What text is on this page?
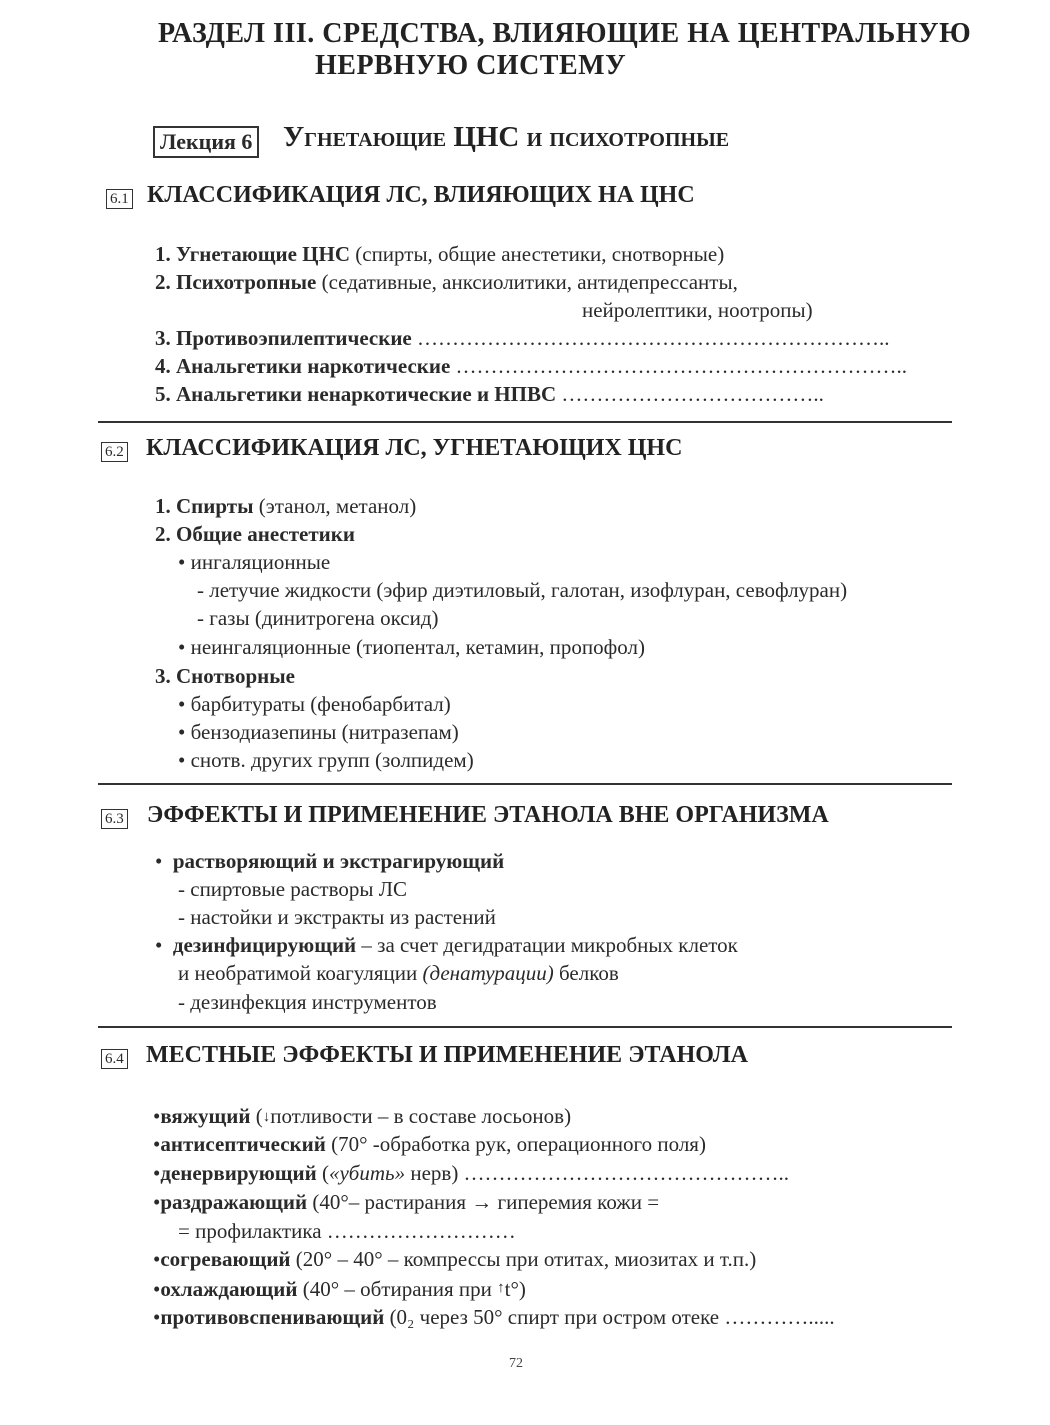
РАЗДЕЛ III. СРЕДСТВА, ВЛИЯЮЩИЕ НА ЦЕНТРАЛЬНУЮ
НЕРВНУЮ СИСТЕМУ
Лекция 6 Угнетающие ЦНС и психотропные
6.1 КЛАССИФИКАЦИЯ ЛС, ВЛИЯЮЩИХ НА ЦНС
1. Угнетающие ЦНС (спирты, общие анестетики, снотворные)
2. Психотропные (седативные, анксиолитики, антидепрессанты,
нейролептики, ноотропы)
3. Противоэпилептические …………………………………………………………..
4. Анальгетики наркотические ………………………………………………………..
5. Анальгетики ненаркотические и НПВС ………………………………..
6.2 КЛАССИФИКАЦИЯ ЛС, УГНЕТАЮЩИХ ЦНС
1. Спирты (этанол, метанол)
2. Общие анестетики
• ингаляционные
- летучие жидкости (эфир диэтиловый, галотан, изофлуран, севофлуран)
- газы (динитрогена оксид)
• неингаляционные (тиопентал, кетамин, пропофол)
3. Снотворные
• барбитураты (фенобарбитал)
• бензодиазепины (нитразепам)
• снотв. других групп (золпидем)
6.3 ЭФФЕКТЫ И ПРИМЕНЕНИЕ ЭТАНОЛА ВНЕ ОРГАНИЗМА
•  растворяющий и экстрагирующий
- спиртовые растворы ЛС
- настойки и экстракты из растений
•  дезинфицирующий – за счет дегидратации микробных клеток
и необратимой коагуляции (денатурации) белков
- дезинфекция инструментов
6.4 МЕСТНЫЕ ЭФФЕКТЫ И ПРИМЕНЕНИЕ ЭТАНОЛА
•вяжущий (↓потливости – в составе лосьонов)
•антисептический (70° -обработка рук, операционного поля)
•денервирующий («убить» нерв) ………………………………………..
•раздражающий (40°– растирания → гиперемия кожи =
= профилактика ………………………
•согревающий (20° – 40° – компрессы при отитах, миозитах и т.п.)
•охлаждающий (40° – обтирания при ↑t°)
•противовспенивающий (0₂ через 50° спирт при остром отеке ………….....
72
